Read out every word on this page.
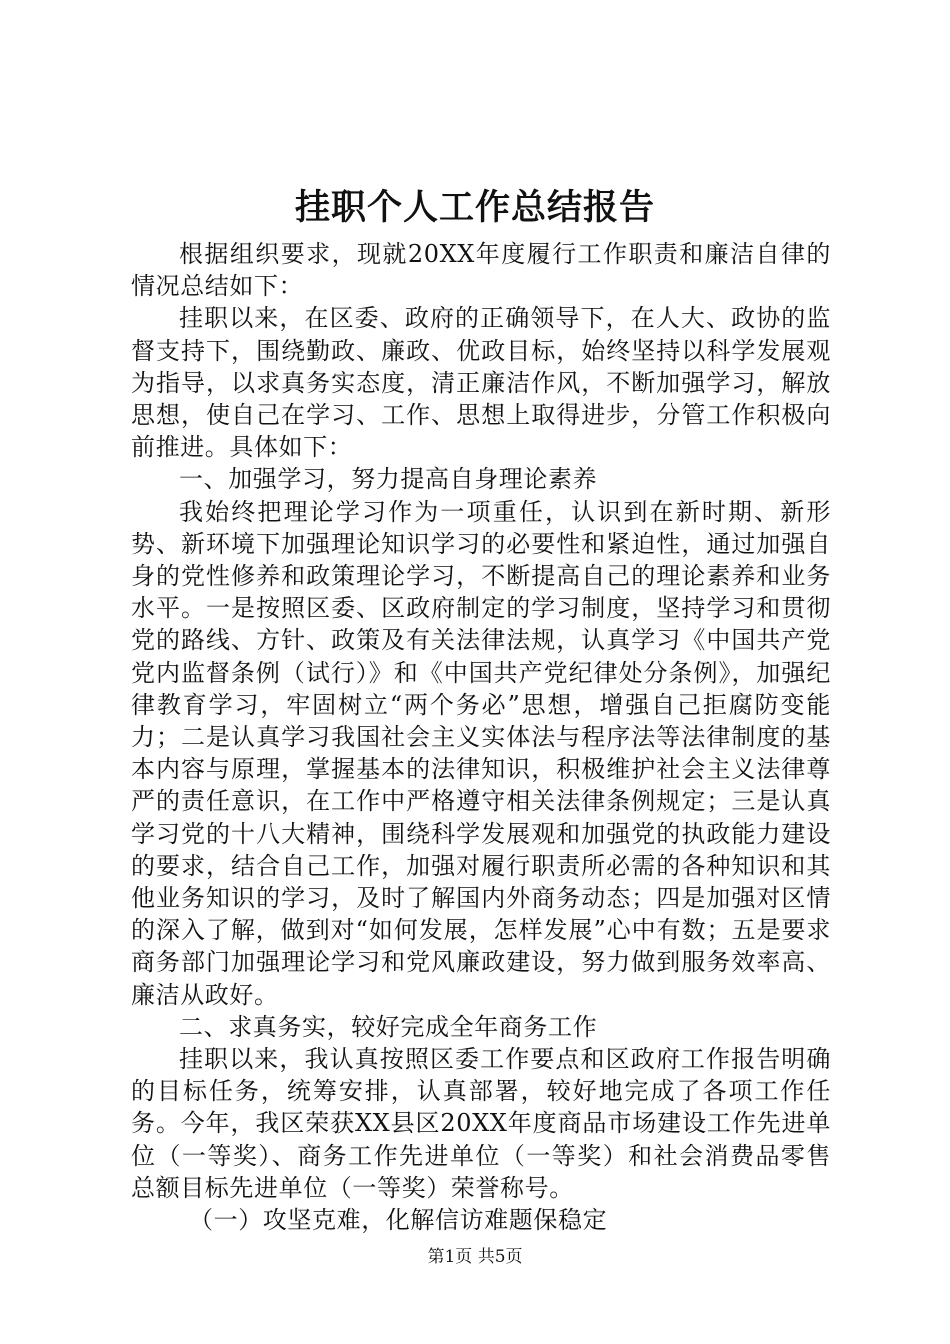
挂职个人工作总结报告

根据组织要求，现就20XX年度履行工作职责和廉洁自律的情况总结如下：

挂职以来，在区委、政府的正确领导下，在人大、政协的监督支持下，围绕勤政、廉政、优政目标，始终坚持以科学发展观为指导，以求真务实态度，清正廉洁作风，不断加强学习，解放思想，使自己在学习、工作、思想上取得进步，分管工作积极向前推进。具体如下：

一、加强学习，努力提高自身理论素养

我始终把理论学习作为一项重任，认识到在新时期、新形势、新环境下加强理论知识学习的必要性和紧迫性，通过加强自身的党性修养和政策理论学习，不断提高自己的理论素养和业务水平。一是按照区委、区政府制定的学习制度，坚持学习和贯彻党的路线、方针、政策及有关法律法规，认真学习《中国共产党党内监督条例（试行）》和《中国共产党纪律处分条例》，加强纪律教育学习，牢固树立“两个务必”思想，增强自己拒腐防变能力；二是认真学习我国社会主义实体法与程序法等法律制度的基本内容与原理，掌握基本的法律知识，积极维护社会主义法律尊严的责任意识，在工作中严格遵守相关法律条例规定；三是认真学习党的十八大精神，围绕科学发展观和加强党的执政能力建设的要求，结合自己工作，加强对履行职责所必需的各种知识和其他业务知识的学习，及时了解国内外商务动态；四是加强对区情的深入了解，做到对“如何发展，怎样发展”心中有数；五是要求商务部门加强理论学习和党风廉政建设，努力做到服务效率高、廉洁从政好。

二、求真务实，较好完成全年商务工作

挂职以来，我认真按照区委工作要点和区政府工作报告明确的目标任务，统筹安排，认真部署，较好地完成了各项工作任务。今年，我区荣获XX县区20XX年度商品市场建设工作先进单位（一等奖）、商务工作先进单位（一等奖）和社会消费品零售总额目标先进单位（一等奖）荣誉称号。

（一）攻坚克难，化解信访难题保稳定

第1页 共5页
